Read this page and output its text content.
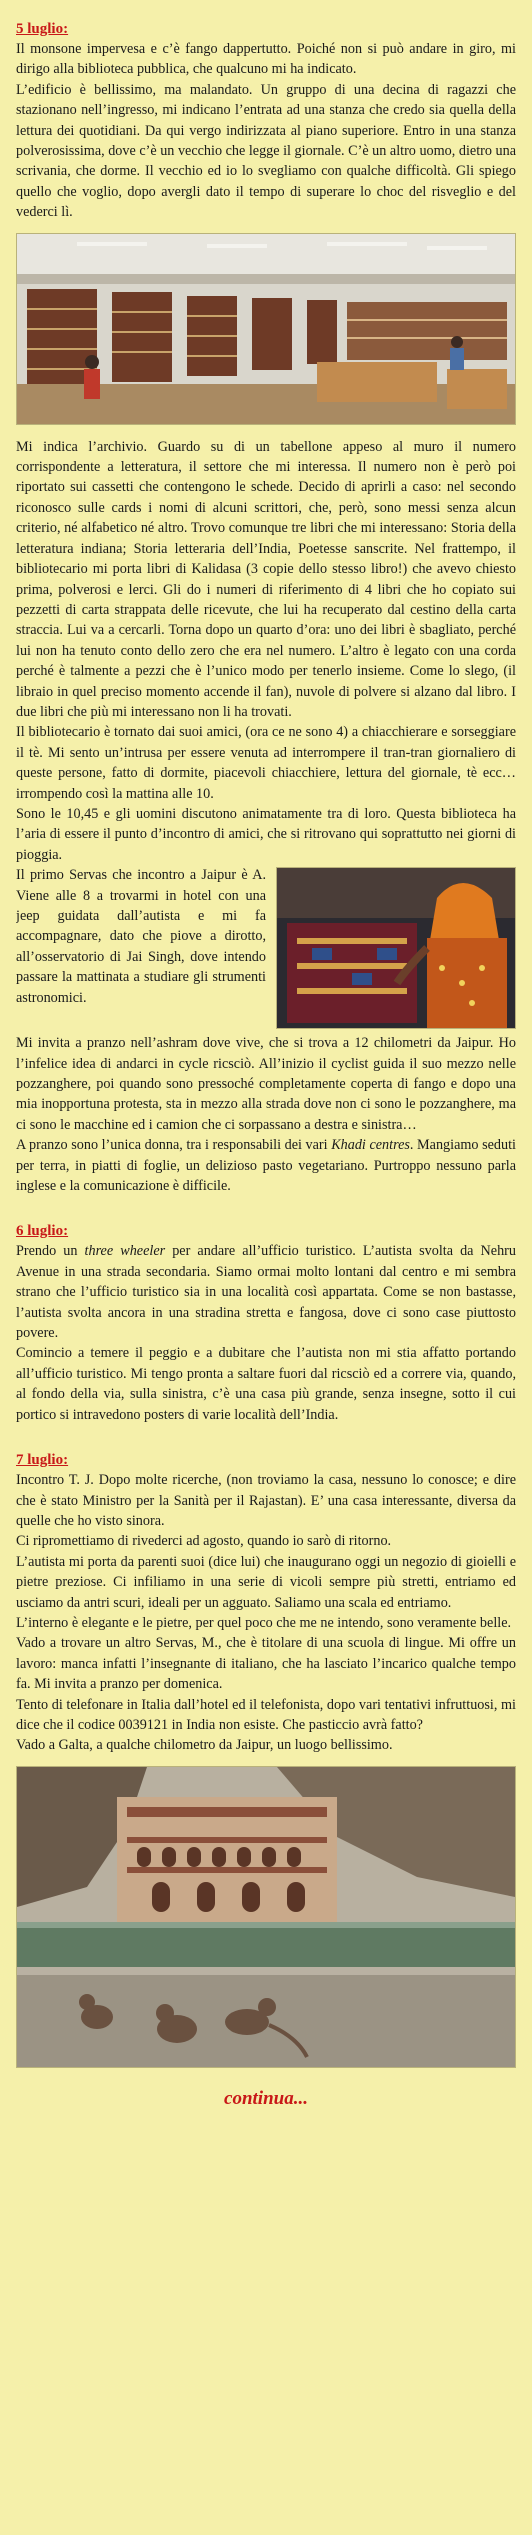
5 luglio:

Il monsone impervesa e c’è fango dappertutto. Poiché non si può andare in giro, mi dirigo alla biblioteca pubblica, che qualcuno mi ha indicato.

L’edificio è bellissimo, ma malandato. Un gruppo di una decina di ragazzi che stazionano nell’ingresso, mi indicano l’entrata ad una stanza che credo sia quella della lettura dei quotidiani. Da qui vergo indirizzata al piano superiore. Entro in una stanza polverosissima, dove c’è un vecchio che legge il giornale. C’è un altro uomo, dietro una scrivania, che dorme. Il vecchio ed io lo svegliamo con qualche difficoltà. Gli spiego quello che voglio, dopo avergli dato il tempo di superare lo choc del risveglio e del vederci lì.

Mi indica l’archivio. Guardo su di un tabellone appeso al muro il numero corrispondente a letteratura, il settore che mi interessa. Il numero non è però poi riportato sui cassetti che contengono le schede. Decido di aprirli a caso: nel secondo riconosco sulle cards i nomi di alcuni scrittori, che, però, sono messi senza alcun criterio, né alfabetico né altro. Trovo comunque tre libri che mi interessano: Storia della letteratura indiana; Storia letteraria dell’India, Poetesse sanscrite. Nel frattempo, il bibliotecario mi porta libri di Kalidasa (3 copie dello stesso libro!) che avevo chiesto prima, polverosi e lerci. Gli do i numeri di riferimento di 4 libri che ho copiato sui pezzetti di carta strappata delle ricevute, che lui ha recuperato dal cestino della carta straccia. Lui va a cercarli. Torna dopo un quarto d’ora: uno dei libri è sbagliato, perché lui non ha tenuto conto dello zero che era nel numero. L’altro è legato con una corda perché è talmente a pezzi che è l’unico modo per tenerlo insieme. Come lo slego, (il libraio in quel preciso momento accende il fan), nuvole di polvere si alzano dal libro. I due libri che più mi interessano non li ha trovati.

Il bibliotecario è tornato dai suoi amici, (ora ce ne sono 4) a chiacchierare e sorseggiare il tè. Mi sento un’intrusa per essere venuta ad interrompere il tran-tran giornaliero di queste persone, fatto di dormite, piacevoli chiacchiere, lettura del giornale, tè ecc… irrompendo così la mattina alle 10.

Sono le 10,45 e gli uomini discutono animatamente tra di loro. Questa biblioteca ha l’aria di essere il punto d’incontro di amici, che si ritrovano qui soprattutto nei giorni di pioggia.

Il primo Servas che incontro a Jaipur è A. Viene alle 8 a trovarmi in hotel con una jeep guidata dall’autista e mi fa accompagnare, dato che piove a dirotto, all’osservatorio di Jai Singh, dove intendo passare la mattinata a studiare gli strumenti astronomici.

Mi invita a pranzo nell’ashram dove vive, che si trova a 12 chilometri da Jaipur. Ho l’infelice idea di andarci in cycle ricsciò. All’inizio il cyclist guida il suo mezzo nelle pozzanghere, poi quando sono pressoché completamente coperta di fango e dopo una mia inopportuna protesta, sta in mezzo alla strada dove non ci sono le pozzanghere, ma ci sono le macchine ed i camion che ci sorpassano a destra e sinistra…

A pranzo sono l’unica donna, tra i responsabili dei vari Khadi centres. Mangiamo seduti per terra, in piatti di foglie, un delizioso pasto vegetariano. Purtroppo nessuno parla inglese e la comunicazione è difficile.

6 luglio:

Prendo un three wheeler per andare all’ufficio turistico. L’autista svolta da Nehru Avenue in una strada secondaria. Siamo ormai molto lontani dal centro e mi sembra strano che l’ufficio turistico sia in una località così appartata. Come se non bastasse, l’autista svolta ancora in una stradina stretta e fangosa, dove ci sono case piuttosto povere.

Comincio a temere il peggio e a dubitare che l’autista non mi stia affatto portando all’ufficio turistico. Mi tengo pronta a saltare fuori dal ricsciò ed a correre via, quando, al fondo della via, sulla sinistra, c’è una casa più grande, senza insegne, sotto il cui portico si intravedono posters di varie località dell’India.

7 luglio:

Incontro T. J. Dopo molte ricerche, (non troviamo la casa, nessuno lo conosce; e dire che è stato Ministro per la Sanità per il Rajastan). E’ una casa interessante, diversa da quelle che ho visto sinora.

Ci ripromettiamo di rivederci ad agosto, quando io sarò di ritorno.

L’autista mi porta da parenti suoi (dice lui) che inaugurano oggi un negozio di gioielli e pietre preziose. Ci infiliamo in una serie di vicoli sempre più stretti, entriamo ed usciamo da antri scuri, ideali per un agguato. Saliamo una scala ed entriamo.

L’interno è elegante e le pietre, per quel poco che me ne intendo, sono veramente belle.

Vado a trovare un altro Servas, M., che è titolare di una scuola di lingue. Mi offre un lavoro: manca infatti l’insegnante di italiano, che ha lasciato l’incarico qualche tempo fa. Mi invita a pranzo per domenica.

Tento di telefonare in Italia dall’hotel ed il telefonista, dopo vari tentativi infruttuosi, mi dice che il codice 0039121 in India non esiste. Che pasticcio avrà fatto?

Vado a Galta, a qualche chilometro da Jaipur, un luogo bellissimo.

continua...
